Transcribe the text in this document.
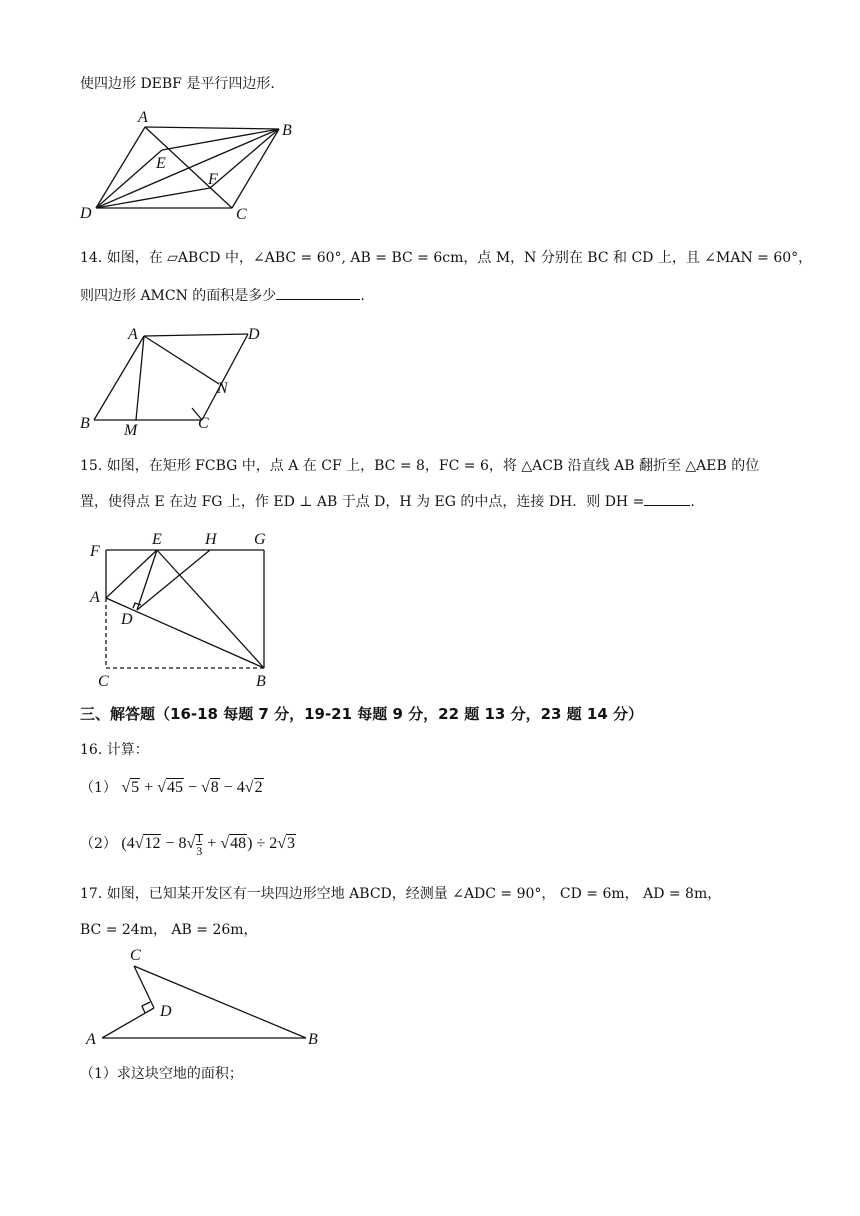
使四边形 DEBF 是平行四边形.
A
B
C
D
E
F
14. 如图，在 ▱ABCD 中，∠ABC = 60°, AB = BC = 6cm，点 M，N 分别在 BC 和 CD 上，且 ∠MAN = 60°，
则四边形 AMCN 的面积是多少	.
A	D
N
B	C
M
15. 如图，在矩形 FCBG 中，点 A 在 CF 上，BC = 8，FC = 6，将 △ACB 沿直线 AB 翻折至 △AEB 的位
置，使得点 E 在边 FG 上，作 ED ⊥ AB 于点 D，H 为 EG 的中点，连接 DH．则 DH =	.
F
E	H G
A
D
C	B
三、解答题（16-18 每题 7 分，19-21 每题 9 分，22 题 13 分，23 题 14 分）
16. 计算：
（1） √5 + √45 − √8 − 4√2
（2） $(4√12 - 8√ \frac{1}{3} + √48) \div 2√3$
17. 如图，已知某开发区有一块四边形空地 ABCD，经测量 ∠ADC = 90°， CD = 6m， AD = 8m，
BC = 24m， AB = 26m，
C
D
A	B
（1）求这块空地的面积；
